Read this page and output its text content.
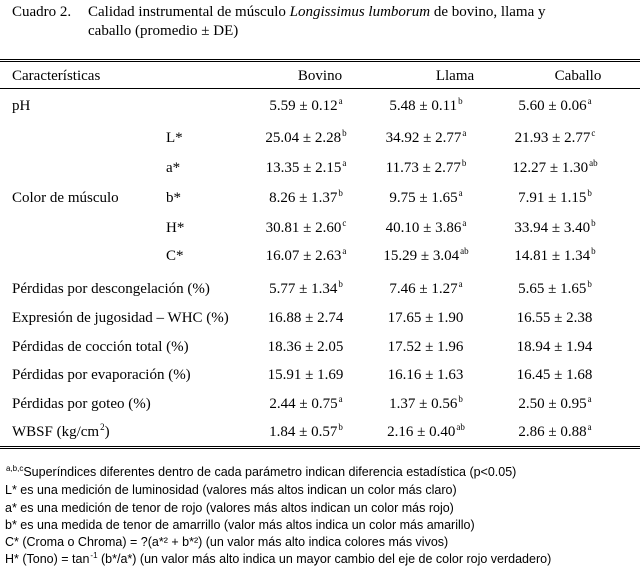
Cuadro 2. Calidad instrumental de músculo Longissimus lumborum de bovino, llama y
caballo (promedio ± DE)
Características	Bovino	Llama	Caballo
pH	5.59 ± 0.12$^a$	5.48 ± 0.11$^b$	5.60 ± 0.06$^a$
Color de músculo
L*	25.04 ± 2.28$^b$	34.92 ± 2.77$^a$	21.93 ± 2.77$^c$
a*	13.35 ± 2.15$^a$	11.73 ± 2.77$^b$	12.27 ± 1.30$^{ab}$
b*	8.26 ± 1.37$^b$	9.75 ± 1.65$^a$	7.91 ± 1.15$^b$
H*	30.81 ± 2.60$^c$	40.10 ± 3.86$^a$	33.94 ± 3.40$^b$
C*	16.07 ± 2.63$^a$	15.29 ± 3.04$^{ab}$	14.81 ± 1.34$^b$
Pérdidas por descongelación (%)	5.77 ± 1.34$^b$	7.46 ± 1.27$^a$	5.65 ± 1.65$^b$
Expresión de jugosidad – WHC (%)	16.88 ± 2.74	17.65 ± 1.90	16.55 ± 2.38
Pérdidas de cocción total (%)	18.36 ± 2.05	17.52 ± 1.96	18.94 ± 1.94
Pérdidas por evaporación (%)	15.91 ± 1.69	16.16 ± 1.63	16.45 ± 1.68
Pérdidas por goteo (%)	2.44 ± 0.75$^a$	1.37 ± 0.56$^b$	2.50 ± 0.95$^a$
WBSF $(kg/cm^2)$	1.84 ± 0.57$^b$	2.16 ± 0.40$^{ab}$	2.86 ± 0.88$^a$
$^{a,b,c}$Superíndices diferentes dentro de cada parámetro indican diferencia estadística (p<0.05)
L* es una medición de luminosidad (valores más altos indican un color más claro)
a* es una medición de tenor de rojo (valores más altos indican un color más rojo)
b* es una medida de tenor de amarrillo (valor más altos indica un color más amarillo)
C* (Croma o Chroma) = ?(a*² + b*²) (un valor más alto indica colores más vivos)
H* (Tono) = $\tan^{-1} (b*/a*)$ (un valor más alto indica un mayor cambio del eje de color rojo verdadero)
